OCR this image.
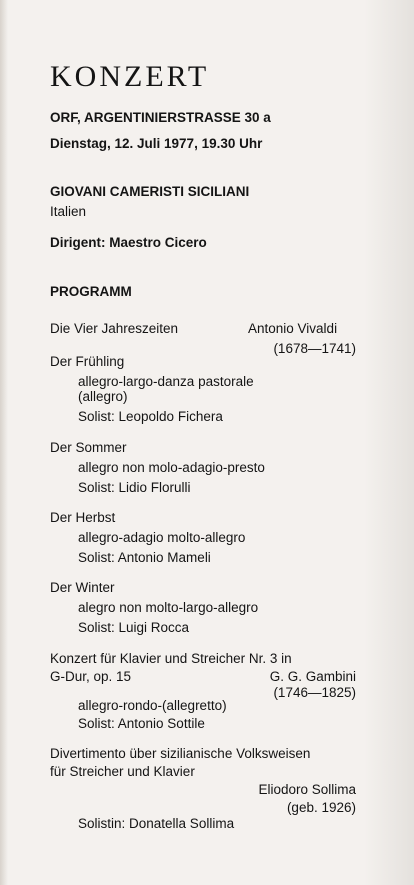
KONZERT
ORF, ARGENTINIERSTRASSE 30 a
Dienstag, 12. Juli 1977, 19.30 Uhr
GIOVANI CAMERISTI SICILIANI
Italien
Dirigent: Maestro Cicero
PROGRAMM
Die Vier Jahreszeiten	Antonio Vivaldi
(1678—1741)
Der Frühling
allegro-largo-danza pastorale
(allegro)
Solist: Leopoldo Fichera
Der Sommer
allegro non molo-adagio-presto
Solist: Lidio Florulli
Der Herbst
allegro-adagio molto-allegro
Solist: Antonio Mameli
Der Winter
alegro non molto-largo-allegro
Solist: Luigi Rocca
Konzert für Klavier und Streicher Nr. 3 in
G-Dur, op. 15	G. G. Gambini
(1746—1825)
allegro-rondo-(allegretto)
Solist: Antonio Sottile
Divertimento über sizilianische Volksweisen
für Streicher und Klavier
Eliodoro Sollima
(geb. 1926)
Solistin: Donatella Sollima
